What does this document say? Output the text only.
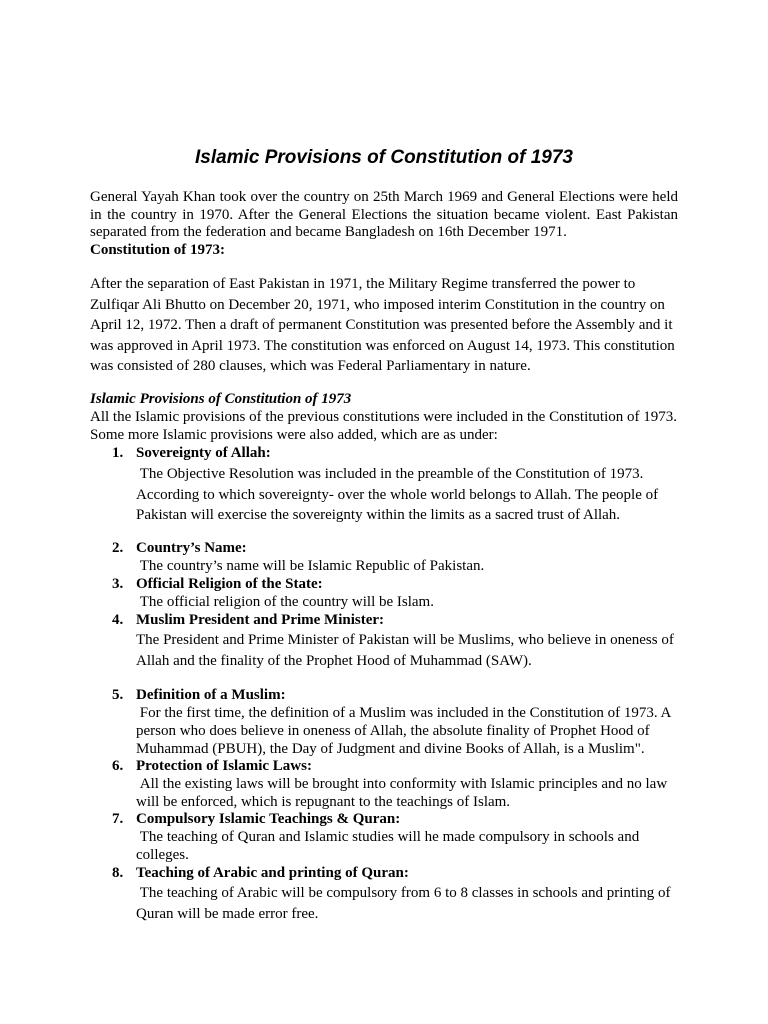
Islamic Provisions of Constitution of 1973
General Yayah Khan took over the country on 25th March 1969 and General Elections were held in the country in 1970. After the General Elections the situation became violent. East Pakistan separated from the federation and became Bangladesh on 16th December 1971.
Constitution of 1973:
After the separation of East Pakistan in 1971, the Military Regime transferred the power to Zulfiqar Ali Bhutto on December 20, 1971, who imposed interim Constitution in the country on April 12, 1972. Then a draft of permanent Constitution was presented before the Assembly and it was approved in April 1973. The constitution was enforced on August 14, 1973. This constitution was consisted of 280 clauses, which was Federal Parliamentary in nature.
Islamic Provisions of Constitution of 1973
All the Islamic provisions of the previous constitutions were included in the Constitution of 1973. Some more Islamic provisions were also added, which are as under:
1. Sovereignty of Allah:
The Objective Resolution was included in the preamble of the Constitution of 1973. According to which sovereignty- over the whole world belongs to Allah. The people of Pakistan will exercise the sovereignty within the limits as a sacred trust of Allah.
2. Country’s Name:
The country’s name will be Islamic Republic of Pakistan.
3. Official Religion of the State:
The official religion of the country will be Islam.
4. Muslim President and Prime Minister:
The President and Prime Minister of Pakistan will be Muslims, who believe in oneness of Allah and the finality of the Prophet Hood of Muhammad (SAW).
5. Definition of a Muslim:
For the first time, the definition of a Muslim was included in the Constitution of 1973. A person who does believe in oneness of Allah, the absolute finality of Prophet Hood of Muhammad (PBUH), the Day of Judgment and divine Books of Allah, is a Muslim".
6. Protection of Islamic Laws:
All the existing laws will be brought into conformity with Islamic principles and no law will be enforced, which is repugnant to the teachings of Islam.
7. Compulsory Islamic Teachings & Quran:
The teaching of Quran and Islamic studies will he made compulsory in schools and colleges.
8. Teaching of Arabic and printing of Quran:
The teaching of Arabic will be compulsory from 6 to 8 classes in schools and printing of Quran will be made error free.
